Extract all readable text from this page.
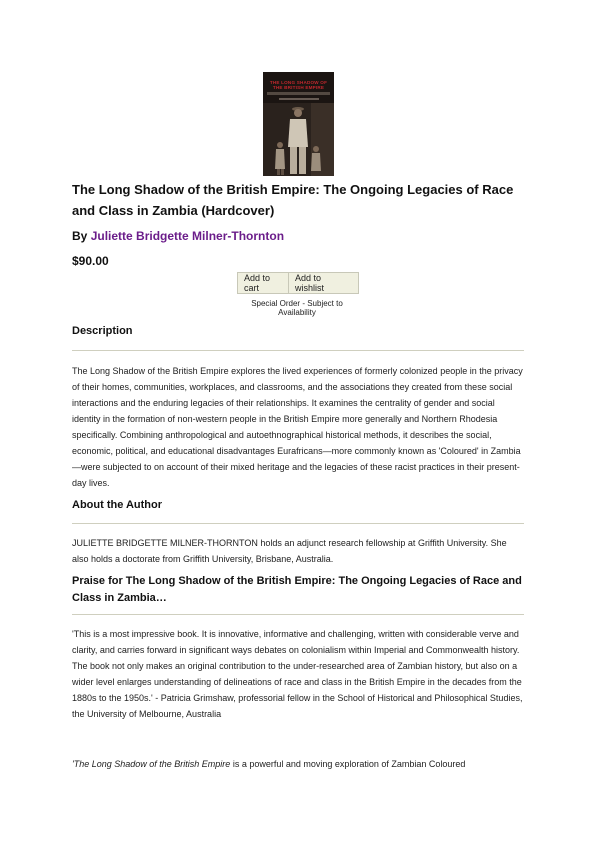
THE LONG SHADOW OF THE BRITISH EMPIRE
The Long Shadow of the British Empire: The Ongoing Legacies of Race and Class in Zambia (Hardcover)
By Juliette Bridgette Milner-Thornton
$90.00
Add to cart
Add to wishlist
Special Order - Subject to Availability
Description

The Long Shadow of the British Empire explores the lived experiences of formerly colonized people in the privacy of their homes, communities, workplaces, and classrooms, and the associations they created from these social interactions and the enduring legacies of their relationships. It examines the centrality of gender and social identity in the formation of non-western people in the British Empire more generally and Northern Rhodesia specifically. Combining anthropological and autoethnographical historical methods, it describes the social, economic, political, and educational disadvantages Eurafricans—more commonly known as 'Coloured' in Zambia—were subjected to on account of their mixed heritage and the legacies of these racist practices in their present-day lives.

About the Author

JULIETTE BRIDGETTE MILNER-THORNTON holds an adjunct research fellowship at Griffith University. She also holds a doctorate from Griffith University, Brisbane, Australia.

Praise for The Long Shadow of the British Empire: The Ongoing Legacies of Race and Class in Zambia…

'This is a most impressive book. It is innovative, informative and challenging, written with considerable verve and clarity, and carries forward in significant ways debates on colonialism within Imperial and Commonwealth history. The book not only makes an original contribution to the under-researched area of Zambian history, but also on a wider level enlarges understanding of delineations of race and class in the British Empire in the decades from the 1880s to the 1950s.' - Patricia Grimshaw, professorial fellow in the School of Historical and Philosophical Studies, the University of Melbourne, Australia

'The Long Shadow of the British Empire is a powerful and moving exploration of Zambian Coloured
